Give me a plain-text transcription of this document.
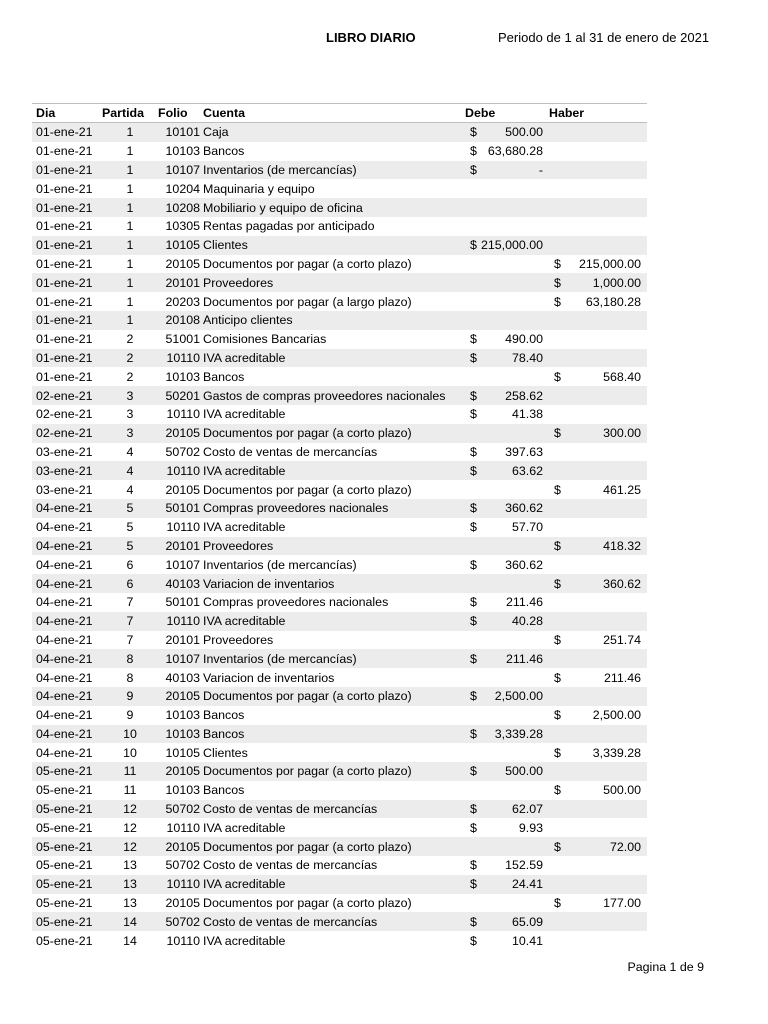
LIBRO DIARIO	Periodo de 1 al 31 de enero de 2021
Dia	Partida	Folio	Cuenta	Debe	Haber
01-ene-21	1	10101	Caja	$ 500.00	

01-ene-21	1	10103	Bancos	$ 63,680.28	

01-ene-21	1	10107	Inventarios (de mercancías)	$ -	

01-ene-21	1	10204	Maquinaria y equipo	

01-ene-21	1	10208	Mobiliario y equipo de oficina	

01-ene-21	1	10305	Rentas pagadas por anticipado	

01-ene-21	1	10105	Clientes	$ 215,000.00	

01-ene-21	1	20105	Documentos por pagar (a corto plazo)		$ 215,000.00

01-ene-21	1	20101	Proveedores		$ 1,000.00

01-ene-21	1	20203	Documentos por pagar (a largo plazo)		$ 63,180.28

01-ene-21	1	20108	Anticipo clientes	

01-ene-21	2	51001	Comisiones Bancarias	$ 490.00	

01-ene-21	2	10110	IVA acreditable	$ 78.40	

01-ene-21	2	10103	Bancos		$ 568.40

02-ene-21	3	50201	Gastos de compras proveedores nacionales	$ 258.62	

02-ene-21	3	10110	IVA acreditable	$ 41.38	

02-ene-21	3	20105	Documentos por pagar (a corto plazo)		$ 300.00

03-ene-21	4	50702	Costo de ventas de mercancías	$ 397.63	

03-ene-21	4	10110	IVA acreditable	$ 63.62	

03-ene-21	4	20105	Documentos por pagar (a corto plazo)		$ 461.25

04-ene-21	5	50101	Compras proveedores nacionales	$ 360.62	

04-ene-21	5	10110	IVA acreditable	$ 57.70	

04-ene-21	5	20101	Proveedores		$ 418.32

04-ene-21	6	10107	Inventarios (de mercancías)	$ 360.62	

04-ene-21	6	40103	Variacion de inventarios		$ 360.62

04-ene-21	7	50101	Compras proveedores nacionales	$ 211.46	

04-ene-21	7	10110	IVA acreditable	$ 40.28	

04-ene-21	7	20101	Proveedores		$ 251.74

04-ene-21	8	10107	Inventarios (de mercancías)	$ 211.46	

04-ene-21	8	40103	Variacion de inventarios		$ 211.46

04-ene-21	9	20105	Documentos por pagar (a corto plazo)	$ 2,500.00	

04-ene-21	9	10103	Bancos		$ 2,500.00

04-ene-21	10	10103	Bancos	$ 3,339.28	

04-ene-21	10	10105	Clientes		$ 3,339.28

05-ene-21	11	20105	Documentos por pagar (a corto plazo)	$ 500.00	

05-ene-21	11	10103	Bancos		$ 500.00

05-ene-21	12	50702	Costo de ventas de mercancías	$ 62.07	

05-ene-21	12	10110	IVA acreditable	$ 9.93	

05-ene-21	12	20105	Documentos por pagar (a corto plazo)		$ 72.00

05-ene-21	13	50702	Costo de ventas de mercancías	$ 152.59	

05-ene-21	13	10110	IVA acreditable	$ 24.41	

05-ene-21	13	20105	Documentos por pagar (a corto plazo)		$ 177.00

05-ene-21	14	50702	Costo de ventas de mercancías	$ 65.09	

05-ene-21	14	10110	IVA acreditable	$ 10.41	

Pagina 1 de 9
